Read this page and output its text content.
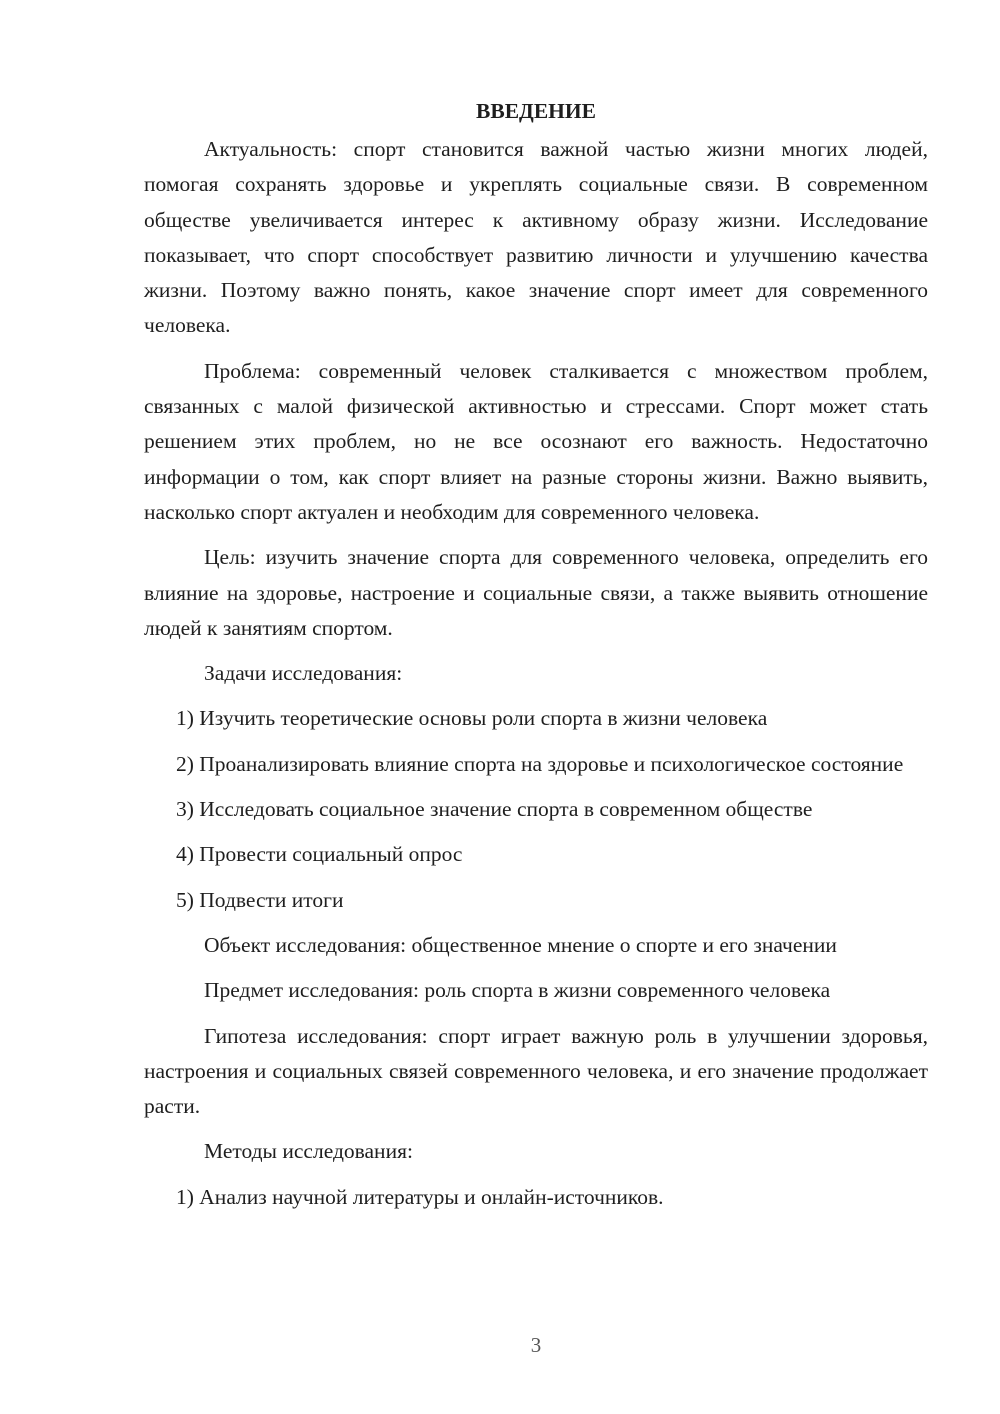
ВВЕДЕНИЕ

Актуальность: спорт становится важной частью жизни многих людей, помогая сохранять здоровье и укреплять социальные связи. В современном обществе увеличивается интерес к активному образу жизни. Исследование показывает, что спорт способствует развитию личности и улучшению качества жизни. Поэтому важно понять, какое значение спорт имеет для современного человека.

Проблема: современный человек сталкивается с множеством проблем, связанных с малой физической активностью и стрессами. Спорт может стать решением этих проблем, но не все осознают его важность. Недостаточно информации о том, как спорт влияет на разные стороны жизни. Важно выявить, насколько спорт актуален и необходим для современного человека.

Цель: изучить значение спорта для современного человека, определить его влияние на здоровье, настроение и социальные связи, а также выявить отношение людей к занятиям спортом.

Задачи исследования:
1) Изучить теоретические основы роли спорта в жизни человека
2) Проанализировать влияние спорта на здоровье и психологическое состояние
3) Исследовать социальное значение спорта в современном обществе
4) Провести социальный опрос
5) Подвести итоги
Объект исследования: общественное мнение о спорте и его значении
Предмет исследования: роль спорта в жизни современного человека

Гипотеза исследования: спорт играет важную роль в улучшении здоровья, настроения и социальных связей современного человека, и его значение продолжает расти.

Методы исследования:
1) Анализ научной литературы и онлайн-источников.
3
